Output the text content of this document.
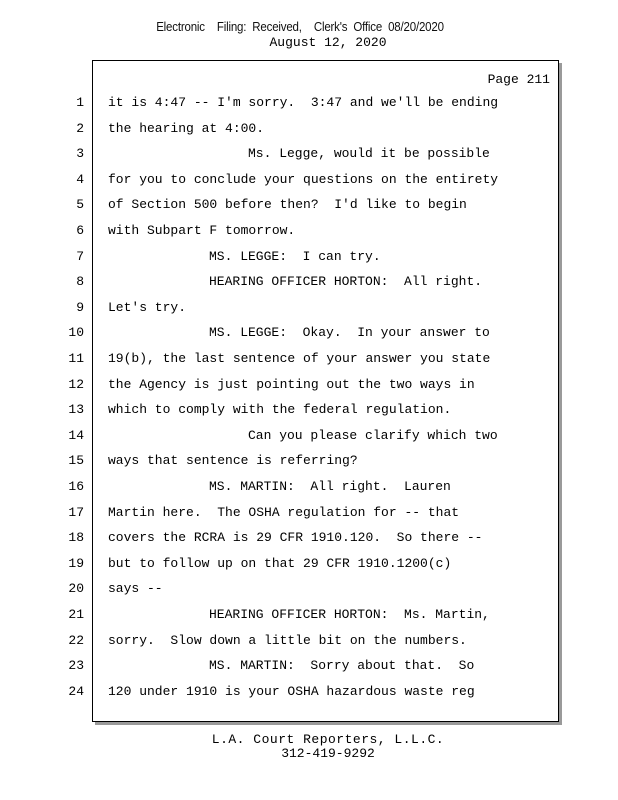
Electronic    Filing:  Received,    Clerk's  Office  08/20/2020
August 12, 2020
Page 211
1 it is 4:47 -- I'm sorry.  3:47 and we'll be ending
2 the hearing at 4:00.
3	Ms. Legge, would it be possible
4 for you to conclude your questions on the entirety
5 of Section 500 before then?  I'd like to begin
6 with Subpart F tomorrow.
7	MS. LEGGE:  I can try.
8	HEARING OFFICER HORTON:  All right.
9 Let's try.
10	MS. LEGGE:  Okay.  In your answer to
11 19(b), the last sentence of your answer you state
12 the Agency is just pointing out the two ways in
13 which to comply with the federal regulation.
14	Can you please clarify which two
15 ways that sentence is referring?
16	MS. MARTIN:  All right.  Lauren
17 Martin here.  The OSHA regulation for -- that
18 covers the RCRA is 29 CFR 1910.120.  So there --
19 but to follow up on that 29 CFR 1910.1200(c)
20 says --
21	HEARING OFFICER HORTON:  Ms. Martin,
22 sorry.  Slow down a little bit on the numbers.
23	MS. MARTIN:  Sorry about that.  So
24 120 under 1910 is your OSHA hazardous waste reg
L.A. Court Reporters, L.L.C.
312-419-9292
